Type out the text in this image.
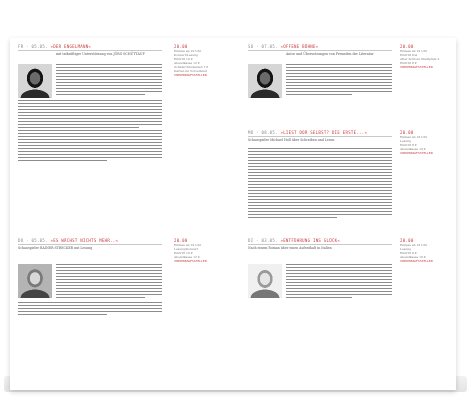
FR · 05.05. »DER ENGELMANN«
mit tatkräftiger Unterstützung von JÖRG SCHÜTTAUF
20.00
Einlass ab 19 Uhr
Konzert/Lesung
Eintritt 10 €
Abendkasse 12 €
Schüler/Studenten 7 €
Karten im Vorverkauf
VORVERKAUFSSTELLEN
SO · 07.05. »OFFENE BÜHNE«
Autor und Übersetzungen von Freunden der Literatur
20.00
Einlass ab 19 Uhr
Eintritt frei
Alter Schloss Stadtplatz 2
Eintritt 8 €
VORVERKAUFSSTELLEN
MO · 08.05. »LIEST DOR SELBST? DIE ERSTE...«
Schauspieler Michael Holl über Schreiben und Lesen
20.00
Einlass ab 19 Uhr
Lesung
Eintritt 8 €
Abendkasse 10 €
VORVERKAUFSSTELLEN
DO · 05.05. »ES WÄCHST NICHTS MEHR..«
Schauspieler RAINER STRECKER mit Lesung
20.00
Einlass ab 19 Uhr
Lesung/Konzert
Eintritt 10 €
Abendkasse 12 €
VORVERKAUFSSTELLEN
DI · 03.05. »ENTFÜHRUNG INS GLÜCK«
Nach einem Roman über einen Aufenthalt in Italien
20.00
Einlass ab 19 Uhr
Lesung
Eintritt 8 €
Abendkasse 10 €
VORVERKAUFSSTELLEN
